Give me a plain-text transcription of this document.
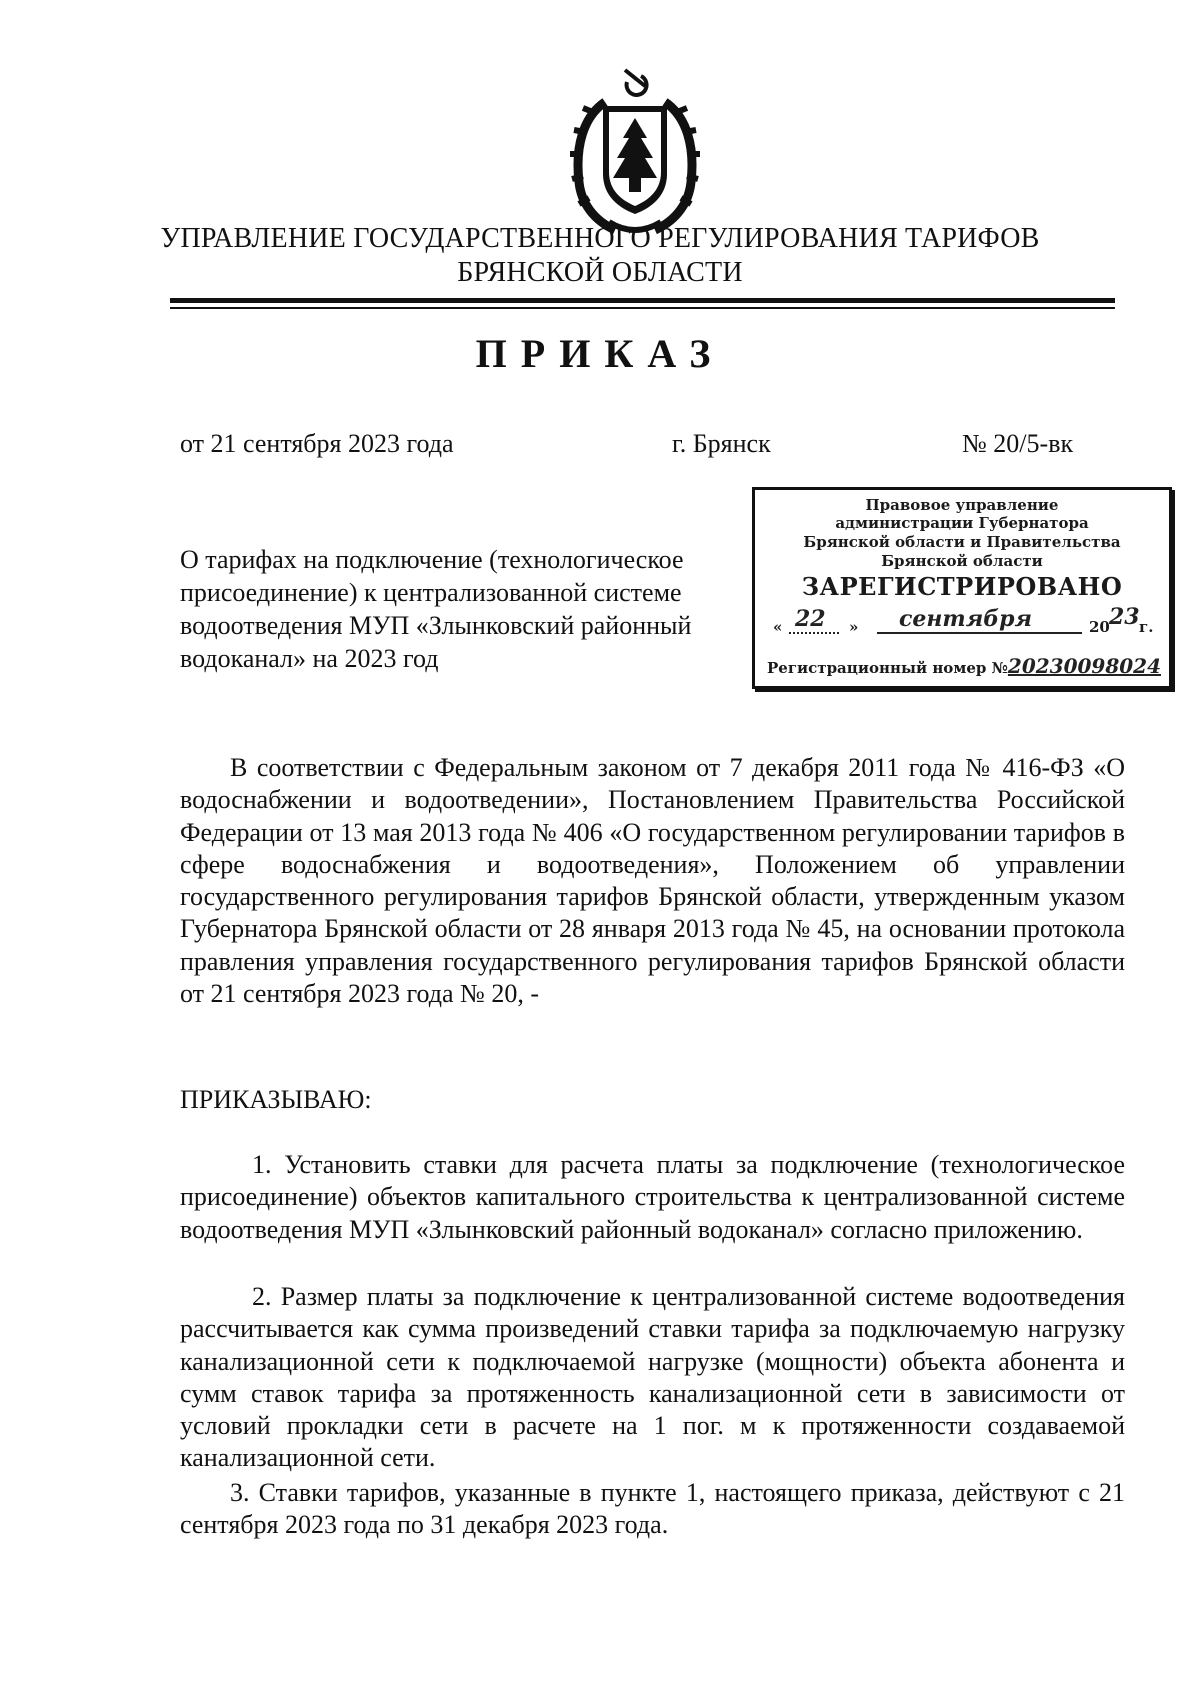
УПРАВЛЕНИЕ ГОСУДАРСТВЕННОГО РЕГУЛИРОВАНИЯ ТАРИФОВ
БРЯНСКОЙ ОБЛАСТИ
ПРИКАЗ
от 21 сентября 2023 года	г. Брянск	№ 20/5-вк
Правовое управление
администрации Губернатора
Брянской области и Правительства
Брянской области
ЗАРЕГИСТРИРОВАНО
« 22 » сентября	20 23 г.
Регистрационный номер №20230098024
О тарифах на подключение (технологическое
присоединение) к централизованной системе
водоотведения МУП «Злынковский районный
водоканал» на 2023 год
В соответствии с Федеральным законом от 7 декабря 2011 года № 416-ФЗ «О водоснабжении и водоотведении», Постановлением Правительства Российской Федерации от 13 мая 2013 года № 406 «О государственном регулировании тарифов в сфере водоснабжения и водоотведения», Положением об управлении государственного регулирования тарифов Брянской области, утвержденным указом Губернатора Брянской области от 28 января 2013 года № 45, на основании протокола правления управления государственного регулирования тарифов Брянской области от 21 сентября 2023 года № 20, -
ПРИКАЗЫВАЮ:
1. Установить ставки для расчета платы за подключение (технологическое присоединение) объектов капитального строительства к централизованной системе водоотведения МУП «Злынковский районный водоканал» согласно приложению.
2. Размер платы за подключение к централизованной системе водоотведения рассчитывается как сумма произведений ставки тарифа за подключаемую нагрузку канализационной сети к подключаемой нагрузке (мощности) объекта абонента и сумм ставок тарифа за протяженность канализационной сети в зависимости от условий прокладки сети в расчете на 1 пог. м к протяженности создаваемой канализационной сети.
3. Ставки тарифов, указанные в пункте 1, настоящего приказа, действуют с 21 сентября 2023 года по 31 декабря 2023 года.
